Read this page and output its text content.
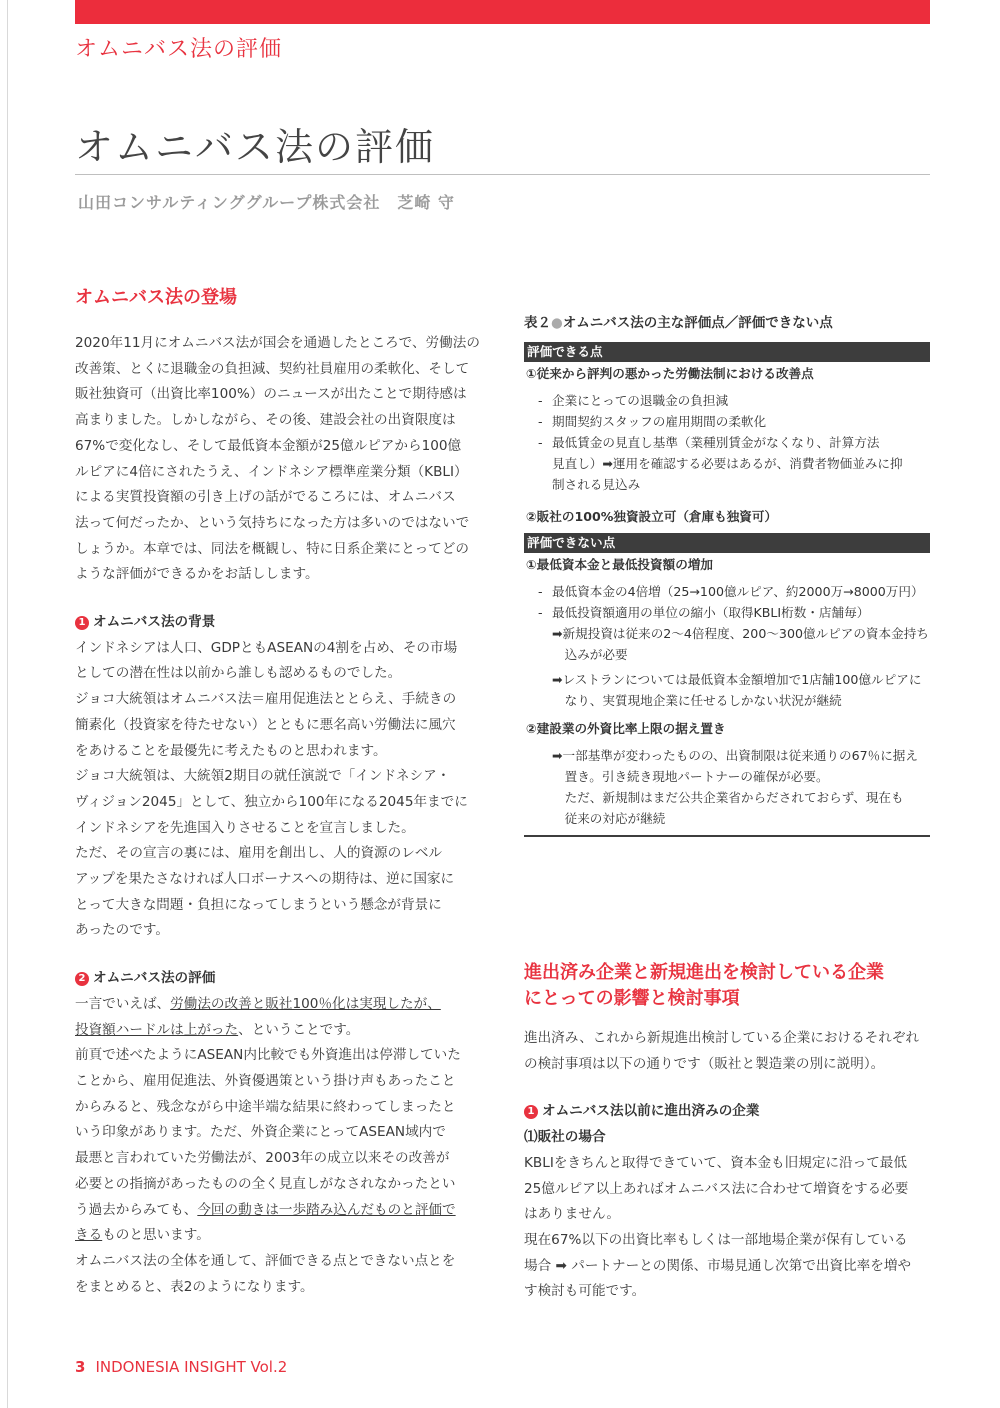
オムニバス法の評価
オムニバス法の評価
山田コンサルティンググループ株式会社　芝崎 守
オムニバス法の登場
2020年11月にオムニバス法が国会を通過したところで、労働法の
改善策、とくに退職金の負担減、契約社員雇用の柔軟化、そして
販社独資可（出資比率100%）のニュースが出たことで期待感は
高まりました。しかしながら、その後、建設会社の出資限度は
67%で変化なし、そして最低資本金額が25億ルピアから100億
ルピアに4倍にされたうえ、インドネシア標準産業分類（KBLI）
による実質投資額の引き上げの話がでるころには、オムニバス
法って何だったか、という気持ちになった方は多いのではないで
しょうか。本章では、同法を概観し、特に日系企業にとってどの
ような評価ができるかをお話しします。
1 オムニバス法の背景
インドネシアは人口、GDPともASEANの4割を占め、その市場
としての潜在性は以前から誰しも認めるものでした。
ジョコ大統領はオムニバス法＝雇用促進法ととらえ、手続きの
簡素化（投資家を待たせない）とともに悪名高い労働法に風穴
をあけることを最優先に考えたものと思われます。
ジョコ大統領は、大統領2期目の就任演説で「インドネシア・
ヴィジョン2045」として、独立から100年になる2045年までに
インドネシアを先進国入りさせることを宣言しました。
ただ、その宣言の裏には、雇用を創出し、人的資源のレベル
アップを果たさなければ人口ボーナスへの期待は、逆に国家に
とって大きな問題・負担になってしまうという懸念が背景に
あったのです。
2 オムニバス法の評価
一言でいえば、労働法の改善と販社100％化は実現したが、
投資額ハードルは上がった、ということです。
前頁で述べたようにASEAN内比較でも外資進出は停滞していた
ことから、雇用促進法、外資優遇策という掛け声もあったこと
からみると、残念ながら中途半端な結果に終わってしまったと
いう印象があります。ただ、外資企業にとってASEAN域内で
最悪と言われていた労働法が、2003年の成立以来その改善が
必要との指摘があったものの全く見直しがなされなかったとい
う過去からみても、今回の動きは一歩踏み込んだものと評価で
きるものと思います。
オムニバス法の全体を通して、評価できる点とできない点とを
をまとめると、表2のようになります。
表２●オムニバス法の主な評価点／評価できない点
評価できる点
①従来から評判の悪かった労働法制における改善点
- 企業にとっての退職金の負担減
- 期間契約スタッフの雇用期間の柔軟化
- 最低賃金の見直し基準（業種別賃金がなくなり、計算方法
見直し）➡運用を確認する必要はあるが、消費者物価並みに抑
制される見込み
②販社の100%独資設立可（倉庫も独資可）
評価できない点
①最低資本金と最低投資額の増加
- 最低資本金の4倍増（25→100億ルピア、約2000万→8000万円）
- 最低投資額適用の単位の縮小（取得KBLI桁数・店舗毎）
➡新規投資は従来の2～4倍程度、200～300億ルピアの資本金持ち
　込みが必要
➡レストランについては最低資本金額増加で1店舗100億ルピアに
　なり、実質現地企業に任せるしかない状況が継続
②建設業の外資比率上限の据え置き
➡一部基準が変わったものの、出資制限は従来通りの67％に据え
　置き。引き続き現地パートナーの確保が必要。
　ただ、新規制はまだ公共企業省からだされておらず、現在も
　従来の対応が継続
進出済み企業と新規進出を検討している企業
にとっての影響と検討事項
進出済み、これから新規進出検討している企業におけるそれぞれ
の検討事項は以下の通りです（販社と製造業の別に説明）。
1 オムニバス法以前に進出済みの企業
⑴販社の場合
KBLIをきちんと取得できていて、資本金も旧規定に沿って最低
25億ルピア以上あればオムニバス法に合わせて増資をする必要
はありません。
現在67%以下の出資比率もしくは一部地場企業が保有している
場合 ➡ パートナーとの関係、市場見通し次第で出資比率を増や
す検討も可能です。
3 INDONESIA INSIGHT Vol.2
